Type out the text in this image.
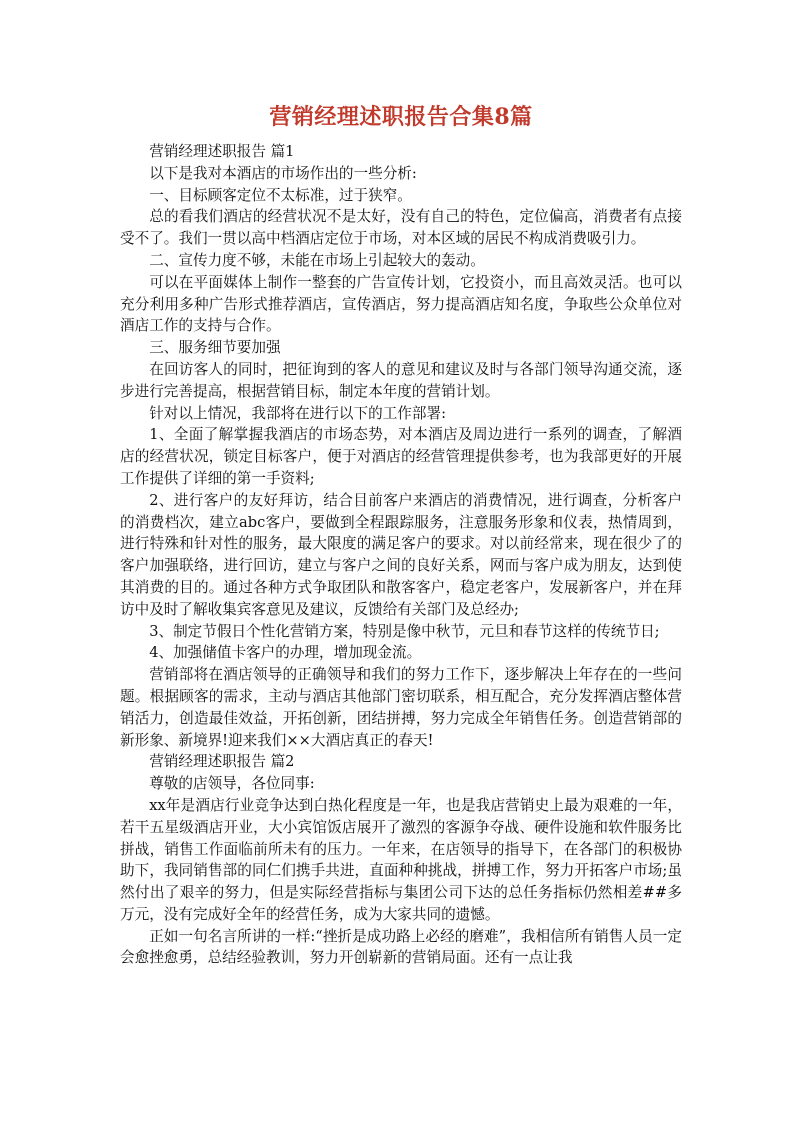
营销经理述职报告合集8篇

营销经理述职报告 篇1

以下是我对本酒店的市场作出的一些分析:

一、目标顾客定位不太标准，过于狭窄。

总的看我们酒店的经营状况不是太好，没有自己的特色，定位偏高，消费者有点接受不了。我们一贯以高中档酒店定位于市场，对本区域的居民不构成消费吸引力。

二、宣传力度不够，未能在市场上引起较大的轰动。

可以在平面媒体上制作一整套的广告宣传计划，它投资小，而且高效灵活。也可以充分利用多种广告形式推荐酒店，宣传酒店，努力提高酒店知名度，争取些公众单位对酒店工作的支持与合作。

三、服务细节要加强

在回访客人的同时，把征询到的客人的意见和建议及时与各部门领导沟通交流，逐步进行完善提高，根据营销目标，制定本年度的营销计划。

针对以上情况，我部将在进行以下的工作部署:

1、全面了解掌握我酒店的市场态势，对本酒店及周边进行一系列的调查，了解酒店的经营状况，锁定目标客户，便于对酒店的经营管理提供参考，也为我部更好的开展工作提供了详细的第一手资料;

2、进行客户的友好拜访，结合目前客户来酒店的消费情况，进行调查，分析客户的消费档次，建立abc客户，要做到全程跟踪服务，注意服务形象和仪表，热情周到，进行特殊和针对性的服务，最大限度的满足客户的要求。对以前经常来，现在很少了的客户加强联络，进行回访，建立与客户之间的良好关系，网而与客户成为朋友，达到使其消费的目的。通过各种方式争取团队和散客客户，稳定老客户，发展新客户，并在拜访中及时了解收集宾客意见及建议，反馈给有关部门及总经办;

3、制定节假日个性化营销方案，特别是像中秋节，元旦和春节这样的传统节日;

4、加强储值卡客户的办理，增加现金流。

营销部将在酒店领导的正确领导和我们的努力工作下，逐步解决上年存在的一些问题。根据顾客的需求，主动与酒店其他部门密切联系，相互配合，充分发挥酒店整体营销活力，创造最佳效益，开拓创新，团结拼搏，努力完成全年销售任务。创造营销部的新形象、新境界!迎来我们××大酒店真正的春天!

营销经理述职报告 篇2

尊敬的店领导，各位同事:

xx年是酒店行业竞争达到白热化程度是一年，也是我店营销史上最为艰难的一年，若干五星级酒店开业，大小宾馆饭店展开了激烈的客源争夺战、硬件设施和软件服务比拼战，销售工作面临前所未有的压力。一年来，在店领导的指导下，在各部门的积极协助下，我同销售部的同仁们携手共进，直面种种挑战，拼搏工作，努力开拓客户市场;虽然付出了艰辛的努力，但是实际经营指标与集团公司下达的总任务指标仍然相差##多万元，没有完成好全年的经营任务，成为大家共同的遗憾。

正如一句名言所讲的一样:“挫折是成功路上必经的磨难”，我相信所有销售人员一定会愈挫愈勇，总结经验教训，努力开创崭新的营销局面。还有一点让我
